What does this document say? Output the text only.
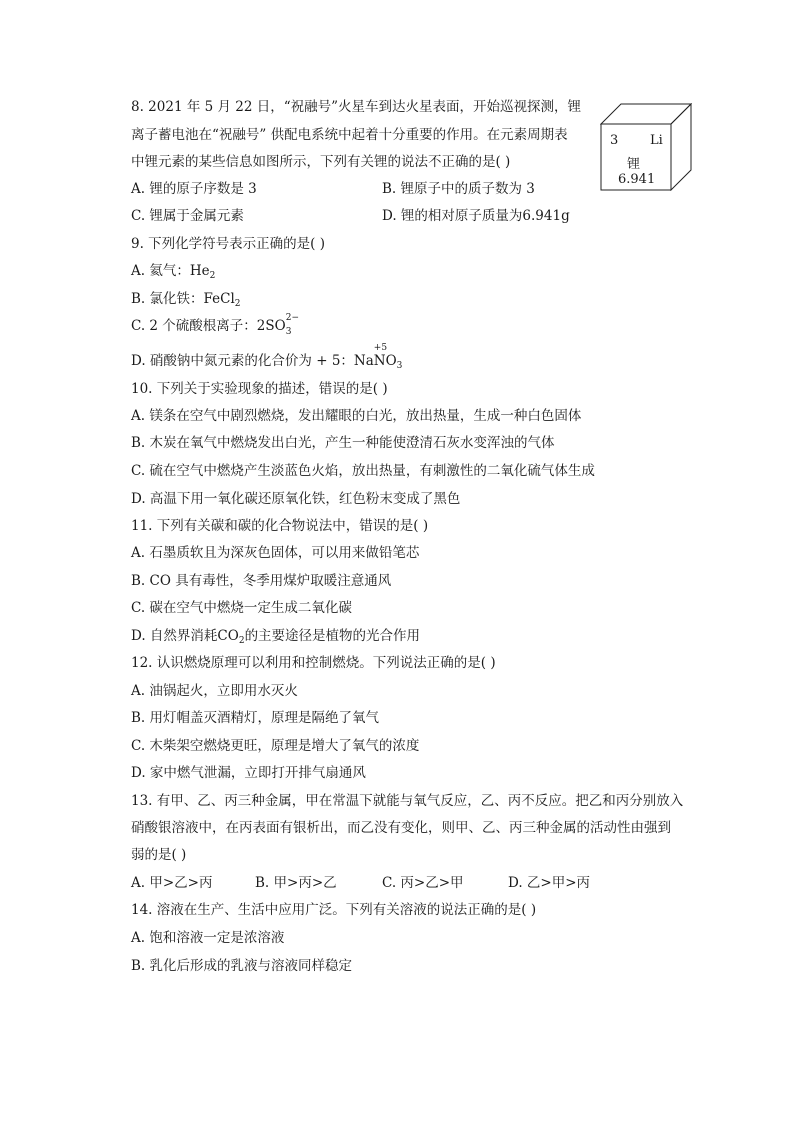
8. 2021 年 5 月 22 日，“祝融号”火星车到达火星表面，开始巡视探测，锂
离子蓄电池在“祝融号” 供配电系统中起着十分重要的作用。在元素周期表
中锂元素的某些信息如图所示，下列有关锂的说法不正确的是( )
A. 锂的原子序数是 3	B. 锂原子中的质子数为 3
C. 锂属于金属元素	D. 锂的相对原子质量为6.941g
3 Li
锂
6.941
9. 下列化学符号表示正确的是( )
A. 氦气：$He_2$
B. 氯化铁：FeCl$_2$
C. 2 个硫酸根离子：2SO 2−
3

D. 硝酸钠中氮元素的化合价为 + 5：Na
+5
$NO_3$
10. 下列关于实验现象的描述，错误的是( )
A. 镁条在空气中剧烈燃烧，发出耀眼的白光，放出热量，生成一种白色固体
B. 木炭在氧气中燃烧发出白光，产生一种能使澄清石灰水变浑浊的气体
C. 硫在空气中燃烧产生淡蓝色火焰，放出热量，有刺激性的二氧化硫气体生成
D. 高温下用一氧化碳还原氧化铁，红色粉末变成了黑色
11. 下列有关碳和碳的化合物说法中，错误的是( )
A. 石墨质软且为深灰色固体，可以用来做铅笔芯
B. CO 具有毒性，冬季用煤炉取暖注意通风
C. 碳在空气中燃烧一定生成二氧化碳
D. 自然界消耗$CO_2$的主要途径是植物的光合作用
12. 认识燃烧原理可以利用和控制燃烧。下列说法正确的是( )
A. 油锅起火，立即用水灭火
B. 用灯帽盖灭酒精灯，原理是隔绝了氧气
C. 木柴架空燃烧更旺，原理是增大了氧气的浓度
D. 家中燃气泄漏，立即打开排气扇通风
13. 有甲、乙、丙三种金属，甲在常温下就能与氧气反应，乙、丙不反应。把乙和丙分别放入
硝酸银溶液中，在丙表面有银析出，而乙没有变化，则甲、乙、丙三种金属的活动性由强到
弱的是( )
A. 甲>乙>丙	B. 甲>丙>乙	C. 丙>乙>甲	D. 乙>甲>丙
14. 溶液在生产、生活中应用广泛。下列有关溶液的说法正确的是( )
A. 饱和溶液一定是浓溶液
B. 乳化后形成的乳液与溶液同样稳定
